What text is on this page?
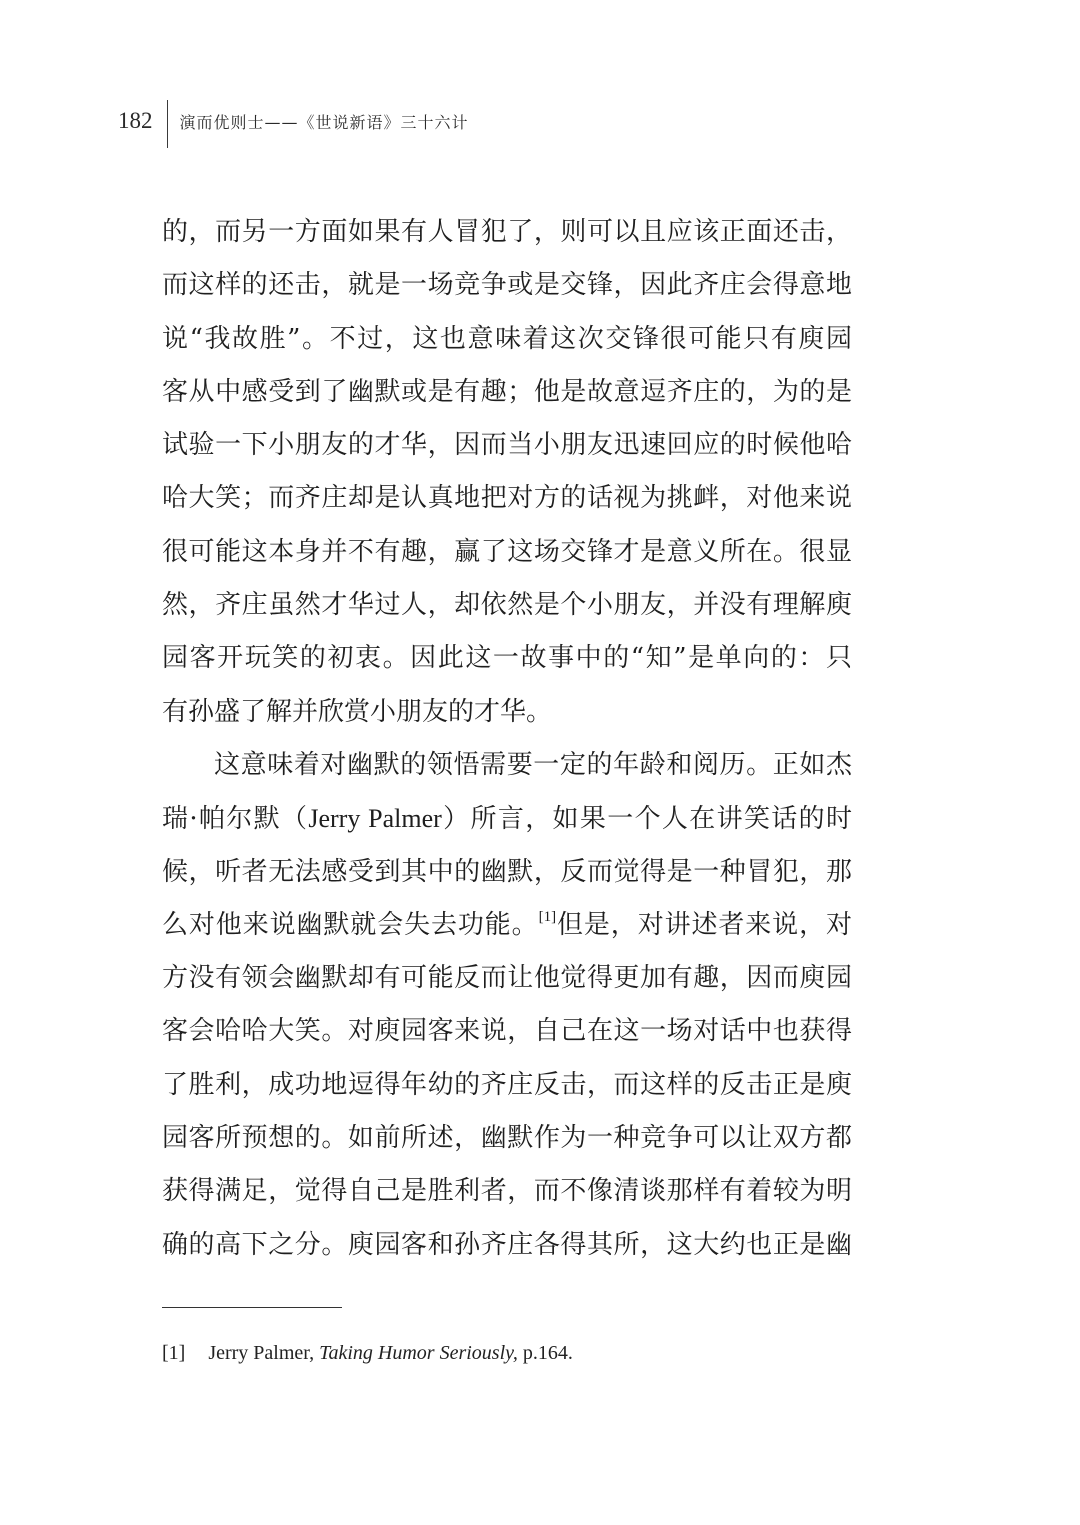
182 演而优则士——《世说新语》三十六计
的，而另一方面如果有人冒犯了，则可以且应该正面还击，
而这样的还击，就是一场竞争或是交锋，因此齐庄会得意地
说“我故胜”。不过，这也意味着这次交锋很可能只有庾园
客从中感受到了幽默或是有趣；他是故意逗齐庄的，为的是
试验一下小朋友的才华，因而当小朋友迅速回应的时候他哈
哈大笑；而齐庄却是认真地把对方的话视为挑衅，对他来说
很可能这本身并不有趣，赢了这场交锋才是意义所在。很显
然，齐庄虽然才华过人，却依然是个小朋友，并没有理解庾
园客开玩笑的初衷。因此这一故事中的“知”是单向的：只
有孙盛了解并欣赏小朋友的才华。
这意味着对幽默的领悟需要一定的年龄和阅历。正如杰
瑞·帕尔默（Jerry Palmer）所言，如果一个人在讲笑话的时
候，听者无法感受到其中的幽默，反而觉得是一种冒犯，那
么对他来说幽默就会失去功能。[1]但是，对讲述者来说，对
方没有领会幽默却有可能反而让他觉得更加有趣，因而庾园
客会哈哈大笑。对庾园客来说，自己在这一场对话中也获得
了胜利，成功地逗得年幼的齐庄反击，而这样的反击正是庾
园客所预想的。如前所述，幽默作为一种竞争可以让双方都
获得满足，觉得自己是胜利者，而不像清谈那样有着较为明
确的高下之分。庾园客和孙齐庄各得其所，这大约也正是幽
[1] Jerry Palmer, Taking Humor Seriously, p.164.
